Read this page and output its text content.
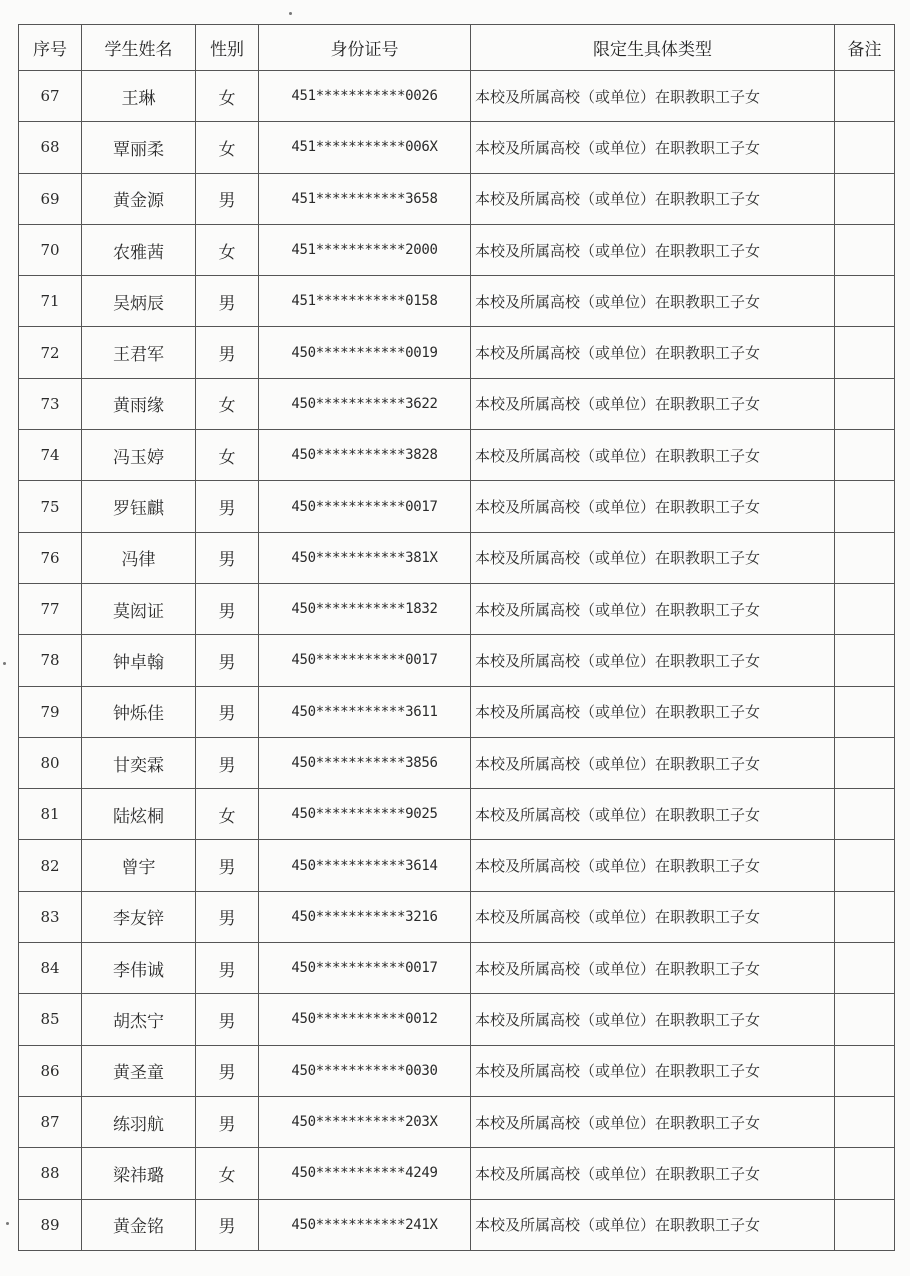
序号	学生姓名	性别	身份证号	限定生具体类型	备注
67	王琳	女	451***********0026	本校及所属高校（或单位）在职教职工子女	
68	覃丽柔	女	451***********006X	本校及所属高校（或单位）在职教职工子女	
69	黄金源	男	451***********3658	本校及所属高校（或单位）在职教职工子女	
70	农雅茜	女	451***********2000	本校及所属高校（或单位）在职教职工子女	
71	吴炳辰	男	451***********0158	本校及所属高校（或单位）在职教职工子女	
72	王君军	男	450***********0019	本校及所属高校（或单位）在职教职工子女	
73	黄雨缘	女	450***********3622	本校及所属高校（或单位）在职教职工子女	
74	冯玉婷	女	450***********3828	本校及所属高校（或单位）在职教职工子女	
75	罗钰麒	男	450***********0017	本校及所属高校（或单位）在职教职工子女	
76	冯律	男	450***********381X	本校及所属高校（或单位）在职教职工子女	
77	莫闳证	男	450***********1832	本校及所属高校（或单位）在职教职工子女	
78	钟卓翰	男	450***********0017	本校及所属高校（或单位）在职教职工子女	
79	钟烁佳	男	450***********3611	本校及所属高校（或单位）在职教职工子女	
80	甘奕霖	男	450***********3856	本校及所属高校（或单位）在职教职工子女	
81	陆炫桐	女	450***********9025	本校及所属高校（或单位）在职教职工子女	
82	曾宇	男	450***********3614	本校及所属高校（或单位）在职教职工子女	
83	李友锌	男	450***********3216	本校及所属高校（或单位）在职教职工子女	
84	李伟诚	男	450***********0017	本校及所属高校（或单位）在职教职工子女	
85	胡杰宁	男	450***********0012	本校及所属高校（或单位）在职教职工子女	
86	黄圣童	男	450***********0030	本校及所属高校（或单位）在职教职工子女	
87	练羽航	男	450***********203X	本校及所属高校（或单位）在职教职工子女	
88	梁祎璐	女	450***********4249	本校及所属高校（或单位）在职教职工子女	
89	黄金铭	男	450***********241X	本校及所属高校（或单位）在职教职工子女	
